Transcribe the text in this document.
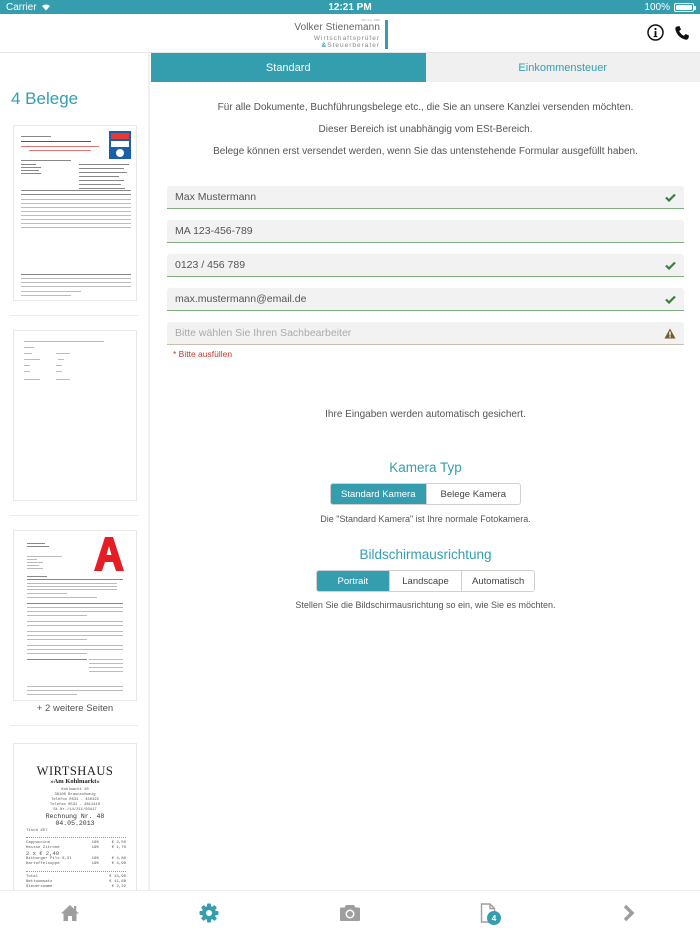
Carrier	12:21 PM	100%
Stb. Ing. 1986
Volker Stienemann
Wirtschaftsprüfer
&Steuerberater
4 Belege
+ 2 weitere Seiten
WIRTSHAUS
»Am Kohlmarkt«
Kohlmarkt 10
38100 Braunschweig
Telefon 0531 - 450322
Telefax 0531 - 4811410
St.Nr./14/211/03417
Rechnung Nr. 48
04.05.2013
Tisch #57
Cappuccino	19%	€ 2,50
Heisse Zitrone	19%	€ 1,70
2 x € 2,40
Bitburger Pils 0,3l	19%	€ 4,80
Kartoffelsuppe	19%	€ 4,90
Total	€ 13,90
Nettoumsatz	€ 11,68
Steuersumme	€ 2,22
Standard	Einkommensteuer
Für alle Dokumente, Buchführungsbelege etc., die Sie an unsere Kanzlei versenden möchten.
Dieser Bereich ist unabhängig vom ESt-Bereich.
Belege können erst versendet werden, wenn Sie das untenstehende Formular ausgefüllt haben.
Max Mustermann
MA 123-456-789
0123 / 456 789
max.mustermann@email.de
Bitte wählen Sie Ihren Sachbearbeiter
* Bitte ausfüllen
Ihre Eingaben werden automatisch gesichert.
Kamera Typ
Standard Kamera	Belege Kamera
Die "Standard Kamera" ist Ihre normale Fotokamera.
Bildschirmausrichtung
Portrait	Landscape	Automatisch
Stellen Sie die Bildschirmausrichtung so ein, wie Sie es möchten.
4
